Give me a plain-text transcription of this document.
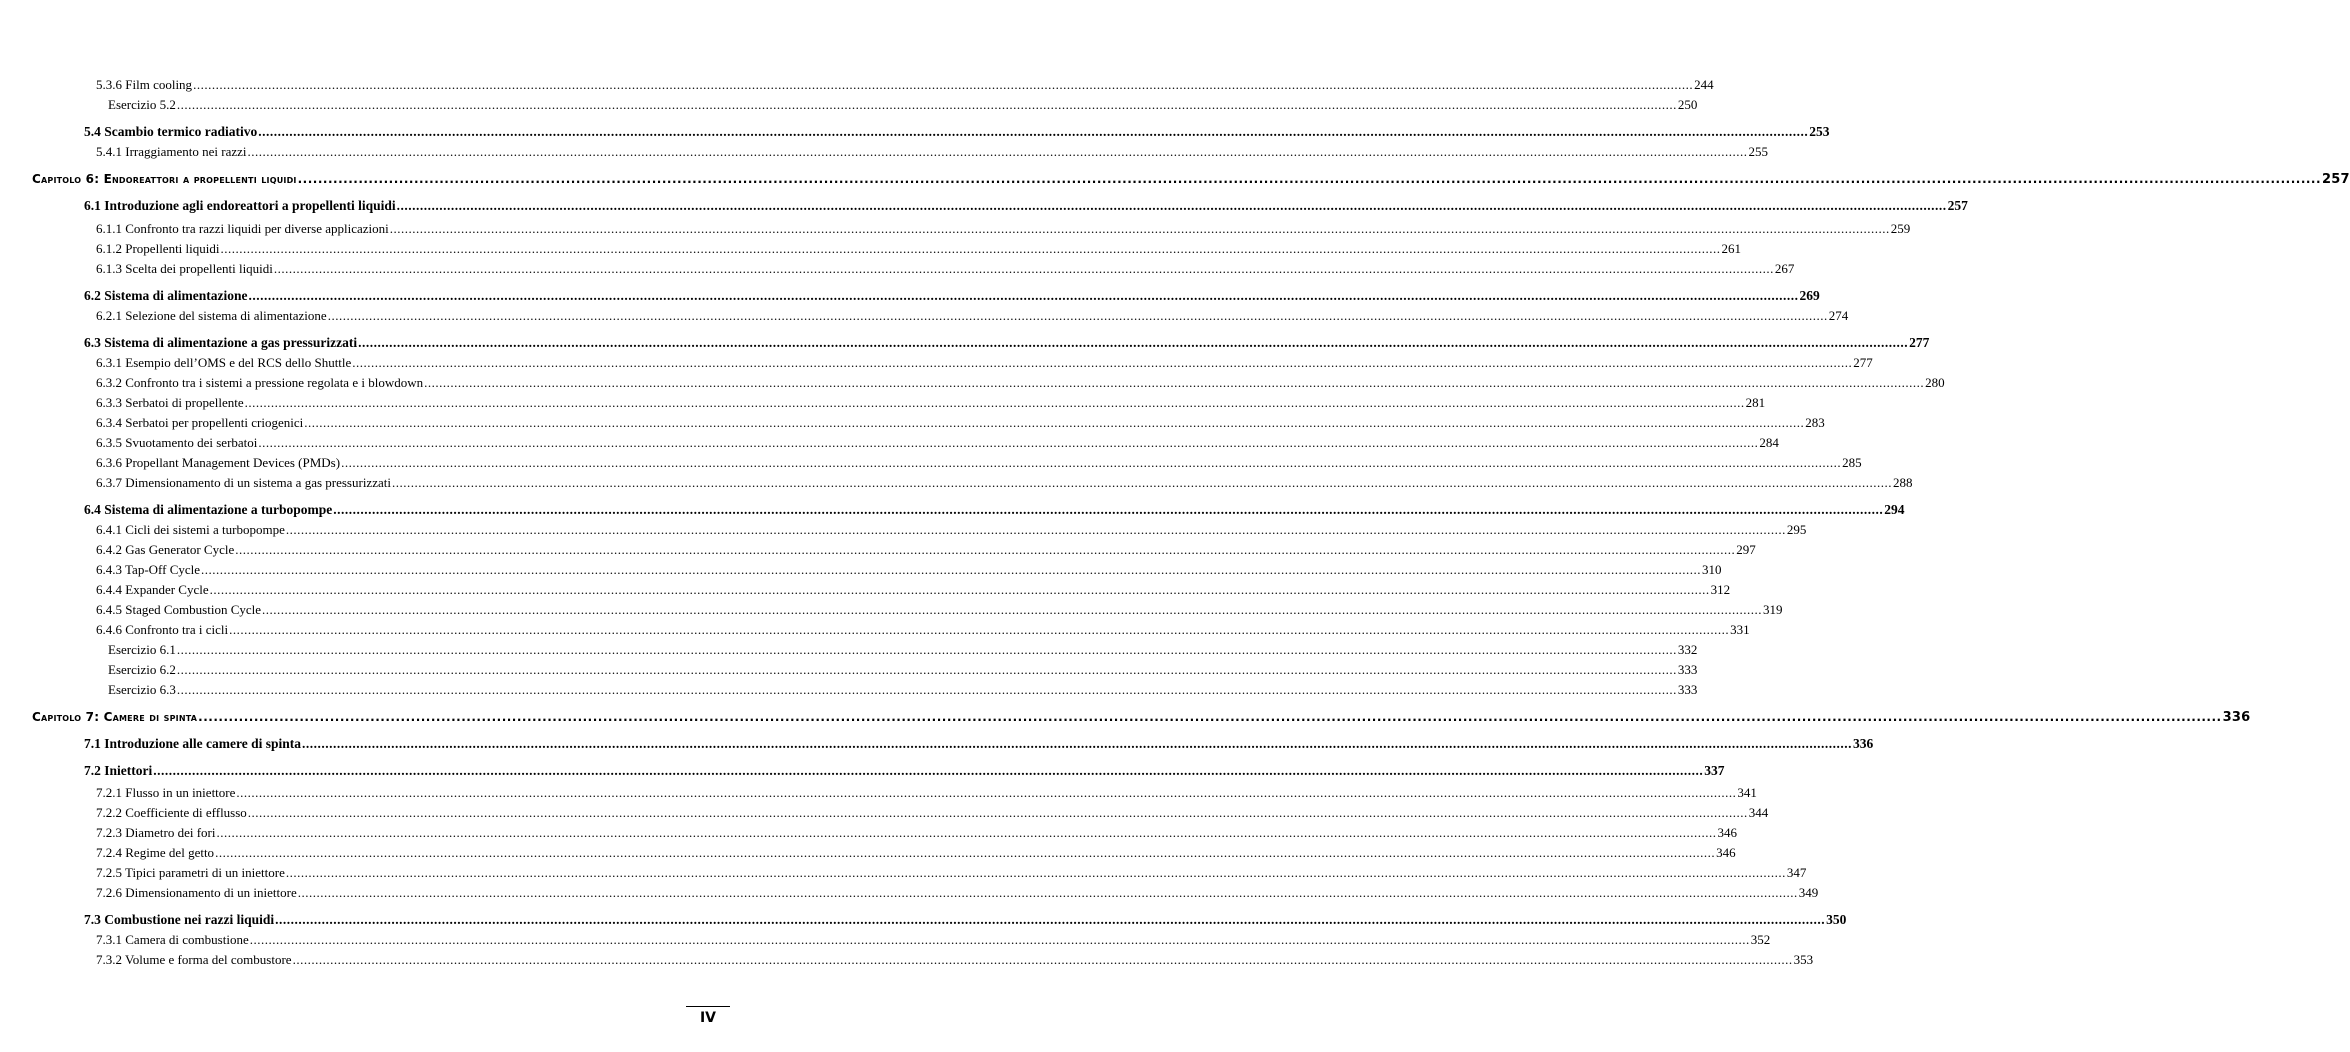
5.3.6 Film cooling ................................................................................................................................................................................................................................................................................................................................................................................................................ 244
Esercizio 5.2 ................................................................................................................................................................................................................................................................................................................................................................................................................ 250
5.4 Scambio termico radiativo ................................................................................................................................................................................................................................................................................................................................................................................................................ 253
5.4.1 Irraggiamento nei razzi ................................................................................................................................................................................................................................................................................................................................................................................................................ 255
Capitolo 6: Endoreattori a propellenti liquidi ................................................................................................................................................................................................................................................................................................................................................................................................................ 257
6.1 Introduzione agli endoreattori a propellenti liquidi ................................................................................................................................................................................................................................................................................................................................................................................................................ 257
6.1.1 Confronto tra razzi liquidi per diverse applicazioni ................................................................................................................................................................................................................................................................................................................................................................................................................ 259
6.1.2 Propellenti liquidi ................................................................................................................................................................................................................................................................................................................................................................................................................ 261
6.1.3 Scelta dei propellenti liquidi ................................................................................................................................................................................................................................................................................................................................................................................................................ 267
6.2 Sistema di alimentazione ................................................................................................................................................................................................................................................................................................................................................................................................................ 269
6.2.1 Selezione del sistema di alimentazione ................................................................................................................................................................................................................................................................................................................................................................................................................ 274
6.3 Sistema di alimentazione a gas pressurizzati ................................................................................................................................................................................................................................................................................................................................................................................................................ 277
6.3.1 Esempio dell’OMS e del RCS dello Shuttle ................................................................................................................................................................................................................................................................................................................................................................................................................ 277
6.3.2 Confronto tra i sistemi a pressione regolata e i blowdown ................................................................................................................................................................................................................................................................................................................................................................................................................ 280
6.3.3 Serbatoi di propellente ................................................................................................................................................................................................................................................................................................................................................................................................................ 281
6.3.4 Serbatoi per propellenti criogenici ................................................................................................................................................................................................................................................................................................................................................................................................................ 283
6.3.5 Svuotamento dei serbatoi ................................................................................................................................................................................................................................................................................................................................................................................................................ 284
6.3.6 Propellant Management Devices (PMDs) ................................................................................................................................................................................................................................................................................................................................................................................................................ 285
6.3.7 Dimensionamento di un sistema a gas pressurizzati ................................................................................................................................................................................................................................................................................................................................................................................................................ 288
6.4 Sistema di alimentazione a turbopompe ................................................................................................................................................................................................................................................................................................................................................................................................................ 294
6.4.1 Cicli dei sistemi a turbopompe ................................................................................................................................................................................................................................................................................................................................................................................................................ 295
6.4.2 Gas Generator Cycle ................................................................................................................................................................................................................................................................................................................................................................................................................ 297
6.4.3 Tap-Off Cycle ................................................................................................................................................................................................................................................................................................................................................................................................................ 310
6.4.4 Expander Cycle ................................................................................................................................................................................................................................................................................................................................................................................................................ 312
6.4.5 Staged Combustion Cycle ................................................................................................................................................................................................................................................................................................................................................................................................................ 319
6.4.6 Confronto tra i cicli ................................................................................................................................................................................................................................................................................................................................................................................................................ 331
Esercizio 6.1 ................................................................................................................................................................................................................................................................................................................................................................................................................ 332
Esercizio 6.2 ................................................................................................................................................................................................................................................................................................................................................................................................................ 333
Esercizio 6.3 ................................................................................................................................................................................................................................................................................................................................................................................................................ 333
Capitolo 7: Camere di spinta ................................................................................................................................................................................................................................................................................................................................................................................................................ 336
7.1 Introduzione alle camere di spinta ................................................................................................................................................................................................................................................................................................................................................................................................................ 336
7.2 Iniettori ................................................................................................................................................................................................................................................................................................................................................................................................................ 337
7.2.1 Flusso in un iniettore ................................................................................................................................................................................................................................................................................................................................................................................................................ 341
7.2.2 Coefficiente di efflusso ................................................................................................................................................................................................................................................................................................................................................................................................................ 344
7.2.3 Diametro dei fori ................................................................................................................................................................................................................................................................................................................................................................................................................ 346
7.2.4 Regime del getto ................................................................................................................................................................................................................................................................................................................................................................................................................ 346
7.2.5 Tipici parametri di un iniettore ................................................................................................................................................................................................................................................................................................................................................................................................................ 347
7.2.6 Dimensionamento di un iniettore ................................................................................................................................................................................................................................................................................................................................................................................................................ 349
7.3 Combustione nei razzi liquidi ................................................................................................................................................................................................................................................................................................................................................................................................................ 350
7.3.1 Camera di combustione ................................................................................................................................................................................................................................................................................................................................................................................................................ 352
7.3.2 Volume e forma del combustore ................................................................................................................................................................................................................................................................................................................................................................................................................ 353
IV
